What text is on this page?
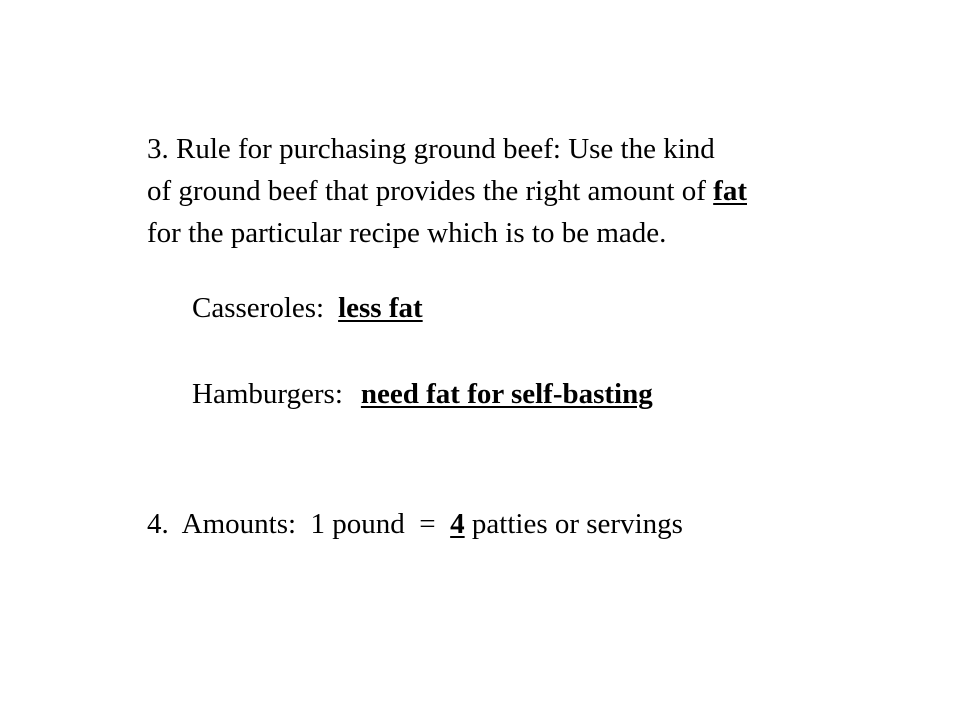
3. Rule for purchasing ground beef: Use the kind
of ground beef that provides the right amount of fat
for the particular recipe which is to be made.

Casseroles: less fat

Hamburgers: need fat for self-basting

4.  Amounts:  1 pound  =  4 patties or servings
